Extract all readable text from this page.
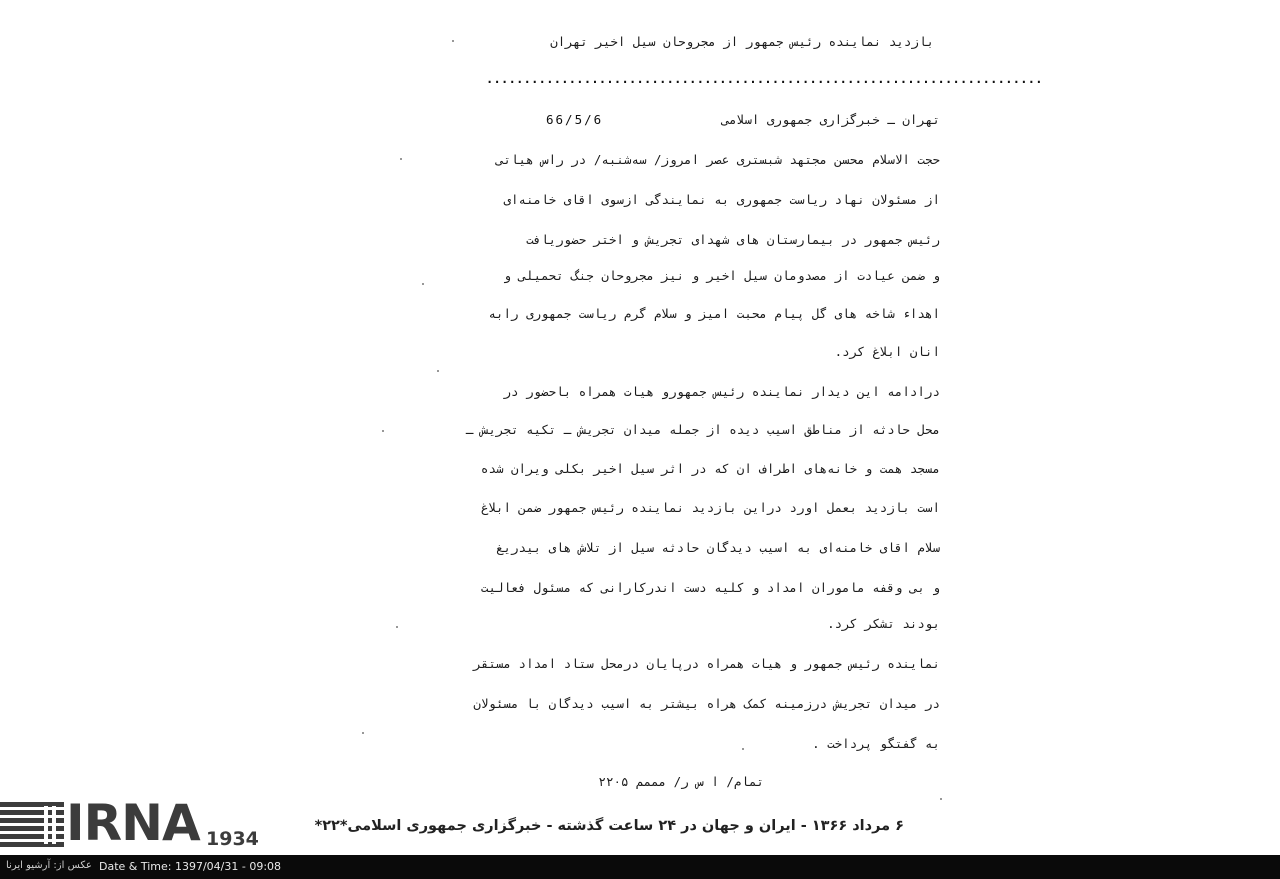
بازدید نماینده رئیس جمهور از مجروحان سیل اخیر تهران
..........................................................................
تهران ـ خبرگزاری جمهوری اسلامی
66/5/6
حجت الاسلام محسن مجتهد شبستری عصر امروز/ سه‌شنبه/ در راس هیاتی
از مسئولان نهاد ریاست جمهوری به نمایندگی ازسوی اقای خامنه‌ای
رئیس جمهور در بیمارستان های شهدای تجریش و اختر حضوریافت
و ضمن عیادت از مصدومان سیل اخیر و نیز مجروحان جنگ تحمیلی و
اهداء شاخه های گل پیام محبت امیز و سلام گرم ریاست جمهوری رابه
انان ابلاغ کرد.
درادامه این دیدار نماینده رئیس جمهورو هیات همراه باحضور در
محل حادثه از مناطق اسیب دیده از جمله میدان تجریش ـ تکیه تجریش ـ
مسجد همت و خانه‌های اطراف ان که در اثر سیل اخیر بکلی ویران شده
است بازدید بعمل اورد دراین بازدید نماینده رئیس جمهور ضمن ابلاغ
سلام اقای خامنه‌ای به اسیب دیدگان حادثه سیل از تلاش های بیدریغ
و بی وقفه ماموران امداد و کلیه دست اندرکارانی که مسئول فعالیت
بودند تشکر کرد.
نماینده رئیس جمهور و هیات همراه درپایان درمحل ستاد امداد مستقر
در میدان تجریش درزمینه کمک هراه بیشتر به اسیب دیدگان با مسئولان
به گفتگو پرداخت .
تمام/ ا س ر/ مممم ۲۲۰۵
۶ مرداد ۱۳۶۶ - ایران و جهان در ۲۴ ساعت گذشته - خبرگزاری جمهوری اسلامی*۲۲*
IRNA 1934
عکس از: آرشیو ایرنا Date & Time: 1397/04/31 - 09:08
